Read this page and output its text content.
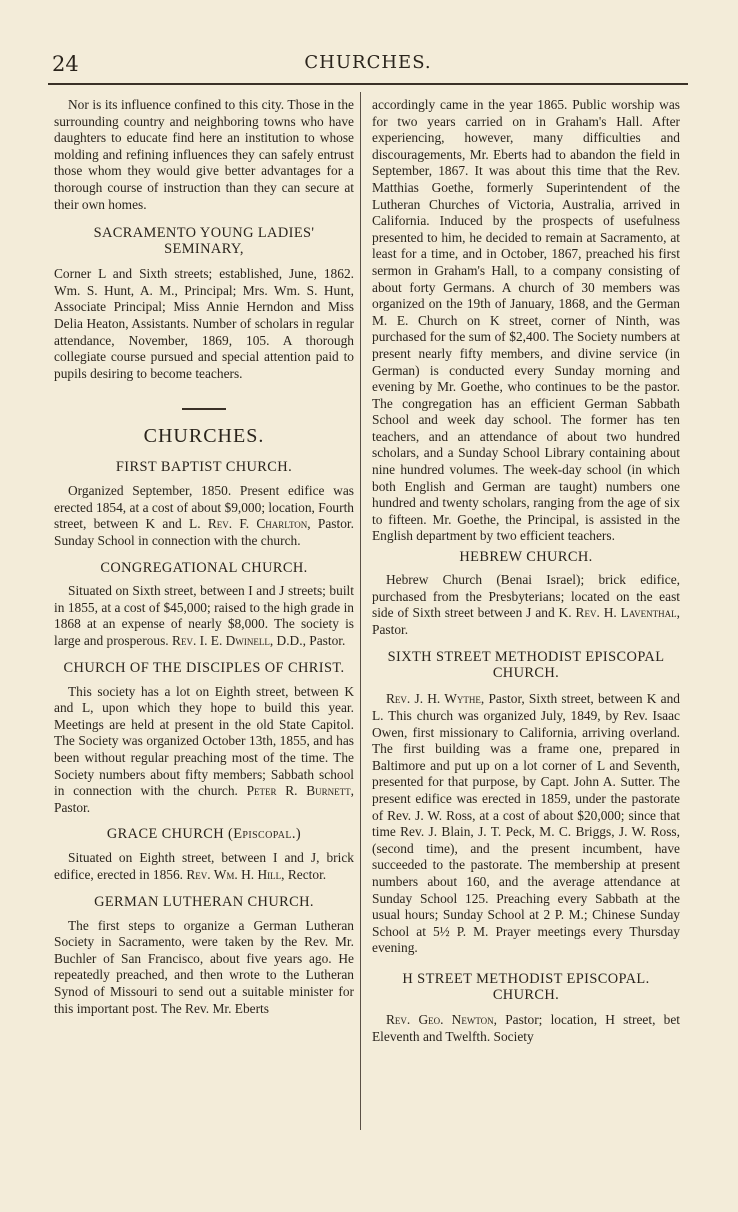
24	CHURCHES.

Nor is its influence confined to this city. Those in the surrounding country and neighboring towns who have daughters to educate find here an institution to whose molding and refining influences they can safely entrust those whom they would give better advantages for a thorough course of instruction than they can secure at their own homes.

SACRAMENTO YOUNG LADIES' SEMINARY,

Corner L and Sixth streets; established, June, 1862. Wm. S. Hunt, A. M., Principal; Mrs. Wm. S. Hunt, Associate Principal; Miss Annie Herndon and Miss Delia Heaton, Assistants. Number of scholars in regular attendance, November, 1869, 105. A thorough collegiate course pursued and special attention paid to pupils desiring to become teachers.

CHURCHES.
FIRST BAPTIST CHURCH.

Organized September, 1850. Present edifice was erected 1854, at a cost of about $9,000; location, Fourth street, between K and L. Rev. F. Charlton, Pastor. Sunday School in connection with the church.

CONGREGATIONAL CHURCH.

Situated on Sixth street, between I and J streets; built in 1855, at a cost of $45,000; raised to the high grade in 1868 at an expense of nearly $8,000. The society is large and prosperous. Rev. I. E. Dwinell, D.D., Pastor.

CHURCH OF THE DISCIPLES OF CHRIST.

This society has a lot on Eighth street, between K and L, upon which they hope to build this year. Meetings are held at present in the old State Capitol. The Society was organized October 13th, 1855, and has been without regular preaching most of the time. The Society numbers about fifty members; Sabbath school in connection with the church. Peter R. Burnett, Pastor.

GRACE CHURCH (Episcopal.)

Situated on Eighth street, between I and J, brick edifice, erected in 1856. Rev. Wm. H. Hill, Rector.

GERMAN LUTHERAN CHURCH.

The first steps to organize a German Lutheran Society in Sacramento, were taken by the Rev. Mr. Buchler of San Francisco, about five years ago. He repeatedly preached, and then wrote to the Lutheran Synod of Missouri to send out a suitable minister for this important post. The Rev. Mr. Eberts

accordingly came in the year 1865. Public worship was for two years carried on in Graham's Hall. After experiencing, however, many difficulties and discouragements, Mr. Eberts had to abandon the field in September, 1867. It was about this time that the Rev. Matthias Goethe, formerly Superintendent of the Lutheran Churches of Victoria, Australia, arrived in California. Induced by the prospects of usefulness presented to him, he decided to remain at Sacramento, at least for a time, and in October, 1867, preached his first sermon in Graham's Hall, to a company consisting of about forty Germans. A church of 30 members was organized on the 19th of January, 1868, and the German M. E. Church on K street, corner of Ninth, was purchased for the sum of $2,400. The Society numbers at present nearly fifty members, and divine service (in German) is conducted every Sunday morning and evening by Mr. Goethe, who continues to be the pastor. The congregation has an efficient German Sabbath School and week day school. The former has ten teachers, and an attendance of about two hundred scholars, and a Sunday School Library containing about nine hundred volumes. The week-day school (in which both English and German are taught) numbers one hundred and twenty scholars, ranging from the age of six to fifteen. Mr. Goethe, the Principal, is assisted in the English department by two efficient teachers.

HEBREW CHURCH.

Hebrew Church (Benai Israel); brick edifice, purchased from the Presbyterians; located on the east side of Sixth street between J and K. Rev. H. Laventhal, Pastor.

SIXTH STREET METHODIST EPISCOPAL CHURCH.

Rev. J. H. Wythe, Pastor, Sixth street, between K and L. This church was organized July, 1849, by Rev. Isaac Owen, first missionary to California, arriving overland. The first building was a frame one, prepared in Baltimore and put up on a lot corner of L and Seventh, presented for that purpose, by Capt. John A. Sutter. The present edifice was erected in 1859, under the pastorate of Rev. J. W. Ross, at a cost of about $20,000; since that time Rev. J. Blain, J. T. Peck, M. C. Briggs, J. W. Ross, (second time), and the present incumbent, have succeeded to the pastorate. The membership at present numbers about 160, and the average attendance at Sunday School 125. Preaching every Sabbath at the usual hours; Sunday School at 2 P. M.; Chinese Sunday School at 5½ P. M. Prayer meetings every Thursday evening.

H STREET METHODIST EPISCOPAL. CHURCH.

Rev. Geo. Newton, Pastor; location, H street, bet Eleventh and Twelfth. Society
